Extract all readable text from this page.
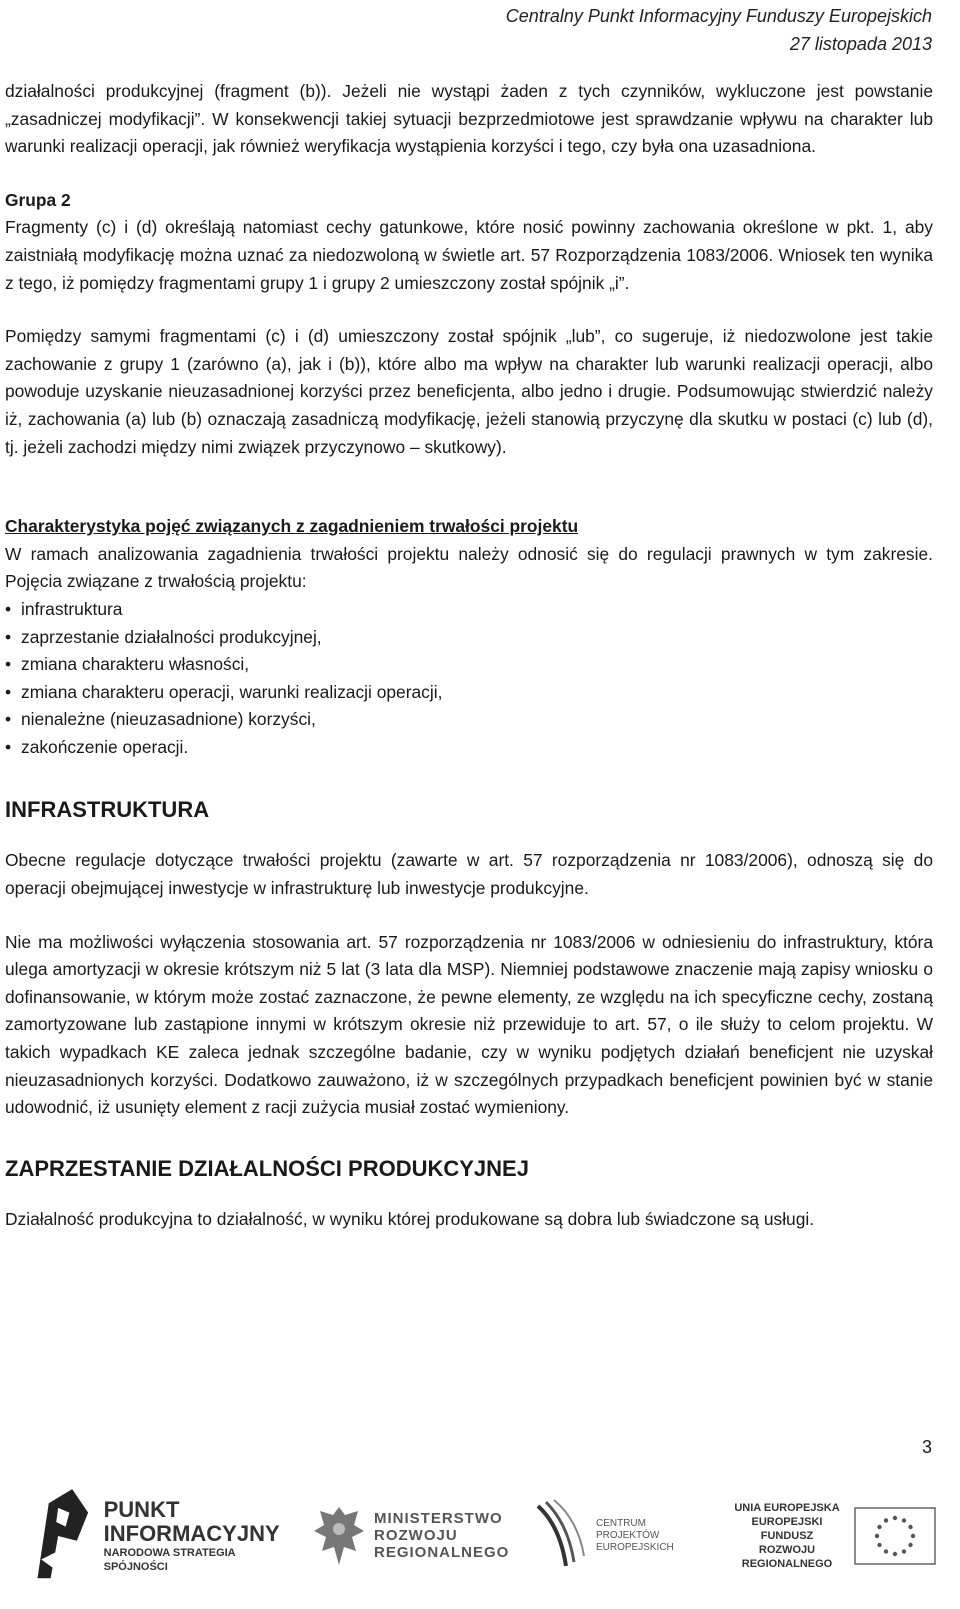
Centralny Punkt Informacyjny Funduszy Europejskich
27 listopada 2013

działalności produkcyjnej (fragment (b)). Jeżeli nie wystąpi żaden z tych czynników, wykluczone jest powstanie „zasadniczej modyfikacji”. W konsekwencji takiej sytuacji bezprzedmiotowe jest sprawdzanie wpływu na charakter lub warunki realizacji operacji, jak również weryfikacja wystąpienia korzyści i tego, czy była ona uzasadniona.

Grupa 2

Fragmenty (c) i (d) określają natomiast cechy gatunkowe, które nosić powinny zachowania określone w pkt. 1, aby zaistniałą modyfikację można uznać za niedozwoloną w świetle art. 57 Rozporządzenia 1083/2006. Wniosek ten wynika z tego, iż pomiędzy fragmentami grupy 1 i grupy 2 umieszczony został spójnik „i”.

Pomiędzy samymi fragmentami (c) i (d) umieszczony został spójnik „lub”, co sugeruje, iż niedozwolone jest takie zachowanie z grupy 1 (zarówno (a), jak i (b)), które albo ma wpływ na charakter lub warunki realizacji operacji, albo powoduje uzyskanie nieuzasadnionej korzyści przez beneficjenta, albo jedno i drugie. Podsumowując stwierdzić należy iż, zachowania (a) lub (b) oznaczają zasadniczą modyfikację, jeżeli stanowią przyczynę dla skutku w postaci (c) lub (d), tj. jeżeli zachodzi między nimi związek przyczynowo – skutkowy).

Charakterystyka pojęć związanych z zagadnieniem trwałości projektu

W ramach analizowania zagadnienia trwałości projektu należy odnosić się do regulacji prawnych w tym zakresie. Pojęcia związane z trwałością projektu:

• infrastruktura
• zaprzestanie działalności produkcyjnej,
• zmiana charakteru własności,
• zmiana charakteru operacji, warunki realizacji operacji,
• nienależne (nieuzasadnione) korzyści,
• zakończenie operacji.

INFRASTRUKTURA

Obecne regulacje dotyczące trwałości projektu (zawarte w art. 57 rozporządzenia nr 1083/2006), odnoszą się do operacji obejmującej inwestycje w infrastrukturę lub inwestycje produkcyjne.

Nie ma możliwości wyłączenia stosowania art. 57 rozporządzenia nr 1083/2006 w odniesieniu do infrastruktury, która ulega amortyzacji w okresie krótszym niż 5 lat (3 lata dla MSP). Niemniej podstawowe znaczenie mają zapisy wniosku o dofinansowanie, w którym może zostać zaznaczone, że pewne elementy, ze względu na ich specyficzne cechy, zostaną zamortyzowane lub zastąpione innymi w krótszym okresie niż przewiduje to art. 57, o ile służy to celom projektu. W takich wypadkach KE zaleca jednak szczególne badanie, czy w wyniku podjętych działań beneficjent nie uzyskał nieuzasadnionych korzyści. Dodatkowo zauważono, iż w szczególnych przypadkach beneficjent powinien być w stanie udowodnić, iż usunięty element z racji zużycia musiał zostać wymieniony.

ZAPRZESTANIE DZIAŁALNOŚCI PRODUKCYJNEJ

Działalność produkcyjna to działalność, w wyniku której produkowane są dobra lub świadczone są usługi.

3
PUNKT
INFORMACYJNY
NARODOWA STRATEGIA SPÓJNOŚCI
MINISTERSTWO
ROZWOJU
REGIONALNEGO
CENTRUM PROJEKTÓW
EUROPEJSKICH
UNIA EUROPEJSKA
EUROPEJSKI FUNDUSZ
ROZWOJU REGIONALNEGO
